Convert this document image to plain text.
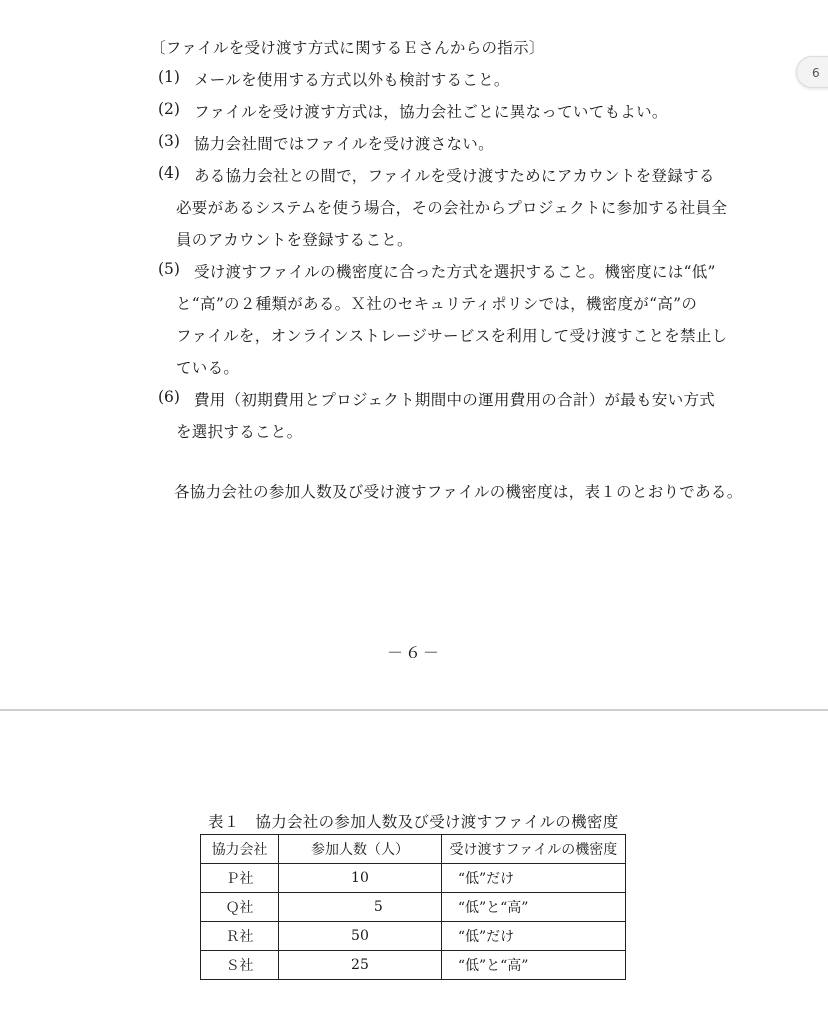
〔ファイルを受け渡す方式に関するＥさんからの指示〕
(1) メールを使用する方式以外も検討すること。
(2) ファイルを受け渡す方式は，協力会社ごとに異なっていてもよい。
(3) 協力会社間ではファイルを受け渡さない。
(4) ある協力会社との間で，ファイルを受け渡すためにアカウントを登録する
必要があるシステムを使う場合，その会社からプロジェクトに参加する社員全
員のアカウントを登録すること。
(5) 受け渡すファイルの機密度に合った方式を選択すること。機密度には“低”
と“高”の２種類がある。Ｘ社のセキュリティポリシでは，機密度が“高”の
ファイルを，オンラインストレージサービスを利用して受け渡すことを禁止し
ている。
(6) 費用（初期費用とプロジェクト期間中の運用費用の合計）が最も安い方式
を選択すること。
各協力会社の参加人数及び受け渡すファイルの機密度は，表１のとおりである。
－６－
6
表１　協力会社の参加人数及び受け渡すファイルの機密度
協力会社	参加人数（人）	受け渡すファイルの機密度
Ｐ社	10	“低”だけ
Ｑ社	5	“低”と“高”
Ｒ社	50	“低”だけ
Ｓ社	25	“低”と“高”
